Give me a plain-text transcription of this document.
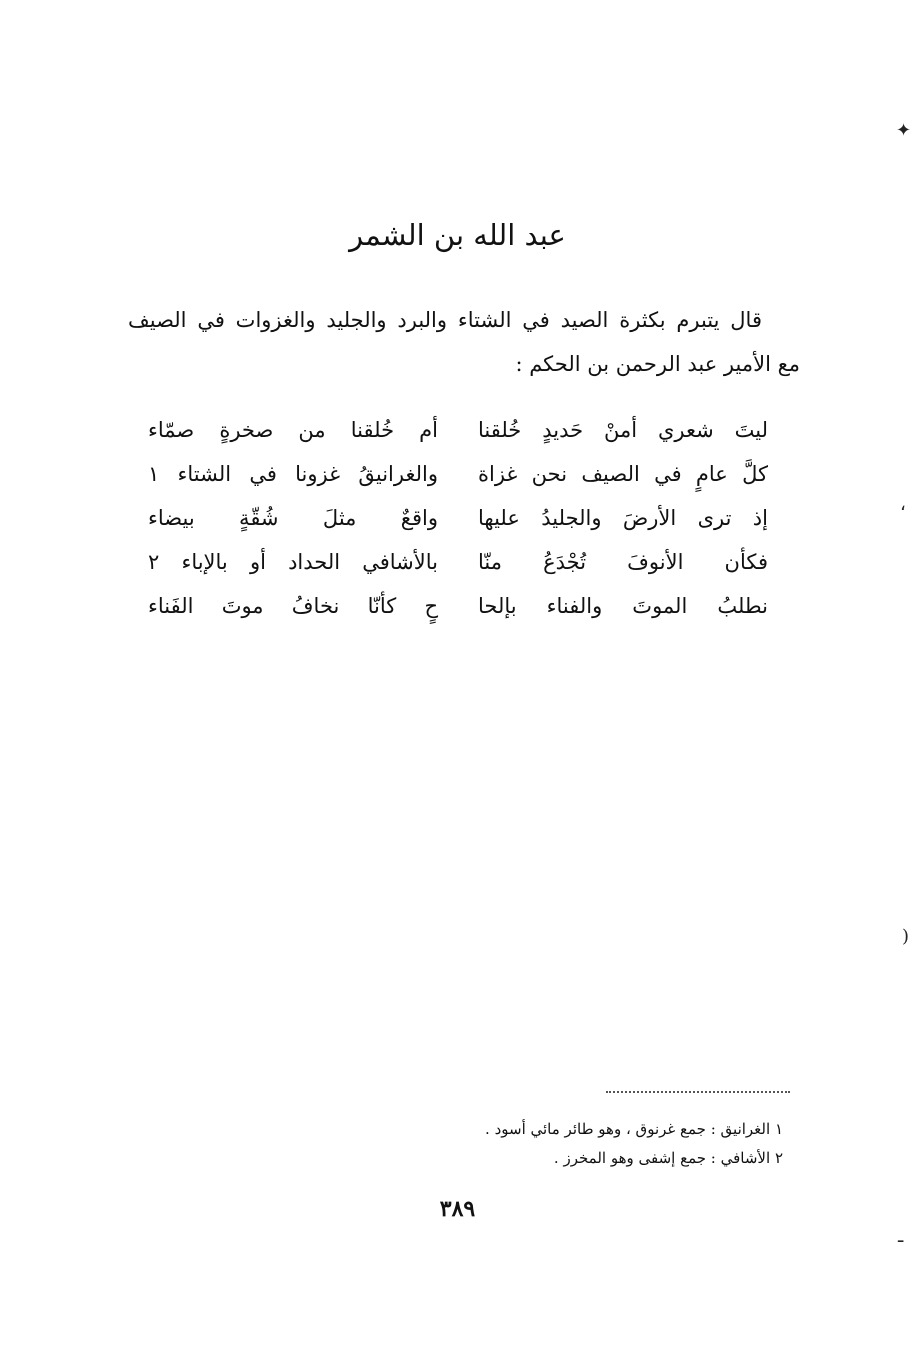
✦
،
)
ـ
عبد الله بن الشمر
قال يتبرم بكثرة الصيد في الشتاء والبرد والجليد والغزوات في الصيف
مع الأمير عبد الرحمن بن الحكم :
ليتَ شعري أمنْ حَديدٍ خُلقنا
أم خُلقنا من صخرةٍ صمّاء
كلَّ عامٍ في الصيف نحن غزاة
والغرانيقُ غزونا في الشتاء ١
إذ ترى الأرضَ والجليدُ عليها
واقعٌ مثلَ شُقّةٍ بيضاء
فكأن الأنوفَ تُجْدَعُ منّا
بالأشافي الحداد أو بالإباء ٢
نطلبُ الموتَ والفناء بإلحا
حٍ كأنّا نخافُ موتَ الفَناء
١ الغرانيق : جمع غرنوق ، وهو طائر مائي أسود .
٢ الأشافي : جمع إشفى وهو المخرز .
٣٨٩
